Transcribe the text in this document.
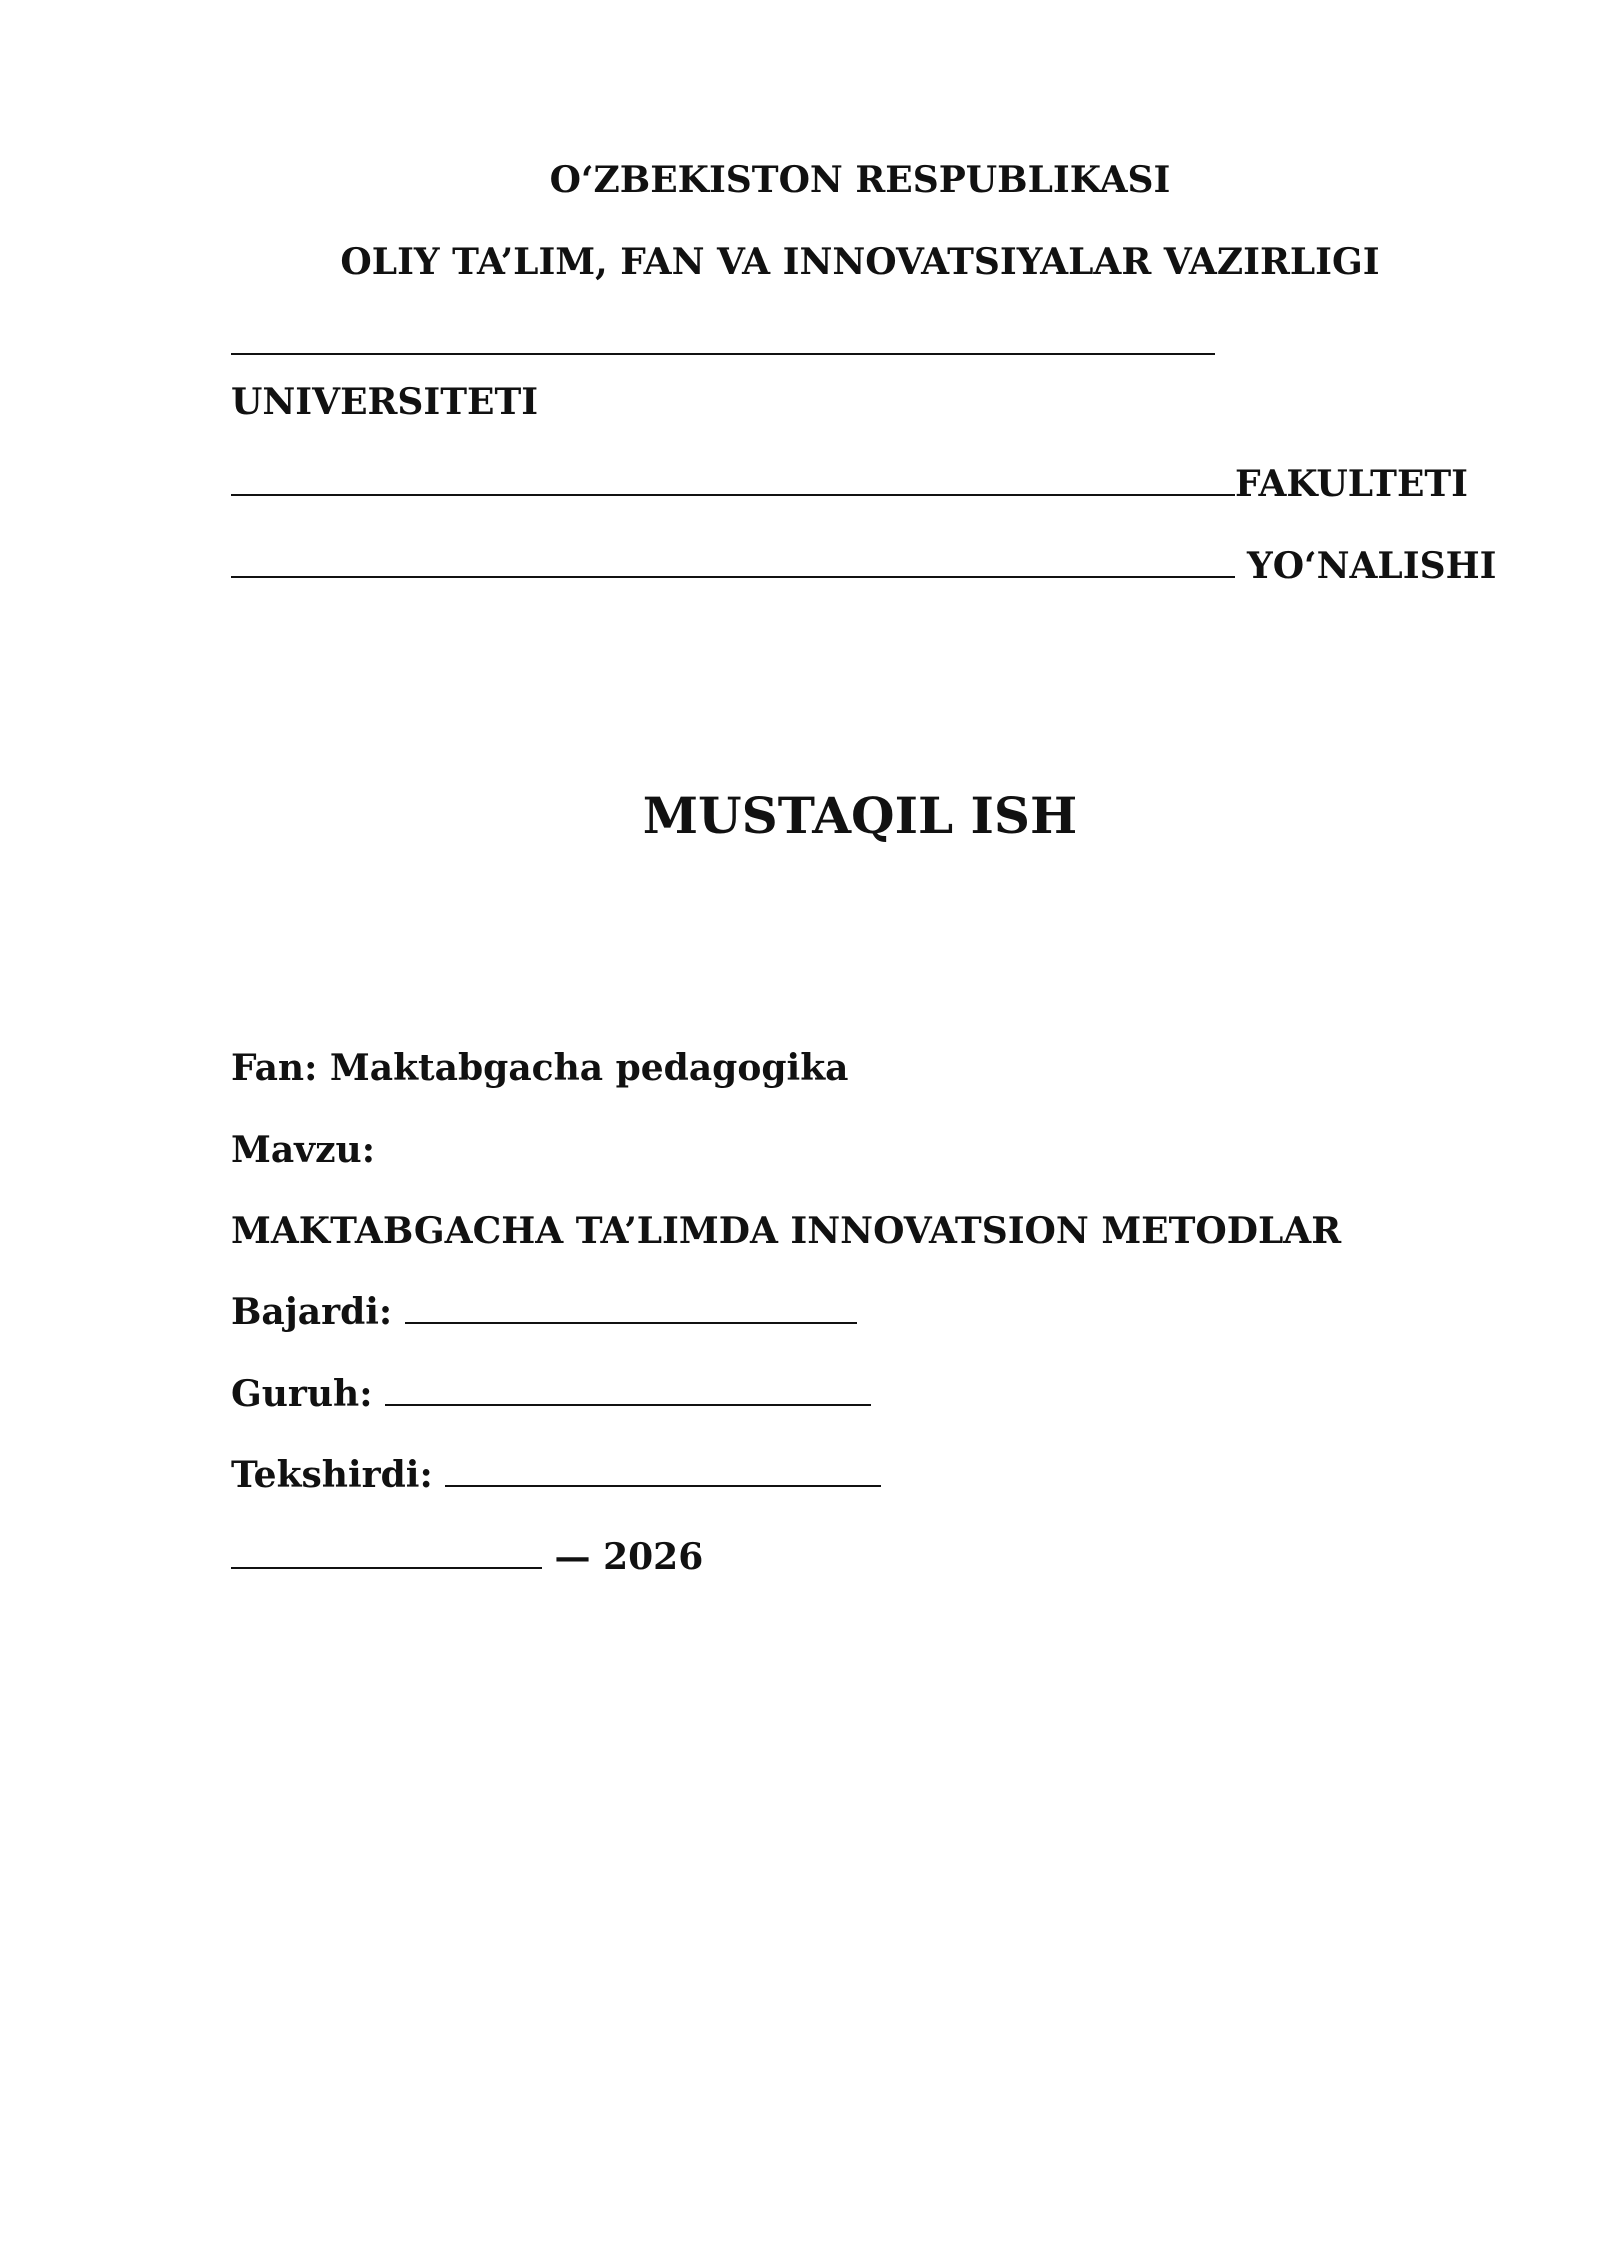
O‘ZBEKISTON RESPUBLIKASI
OLIY TA’LIM, FAN VA INNOVATSIYALAR VAZIRLIGI
UNIVERSITETI
FAKULTETI
YO‘NALISHI
MUSTAQIL ISH
Fan: Maktabgacha pedagogika
Mavzu:
MAKTABGACHA TA’LIMDA INNOVATSION METODLAR
Bajardi:
Guruh:
Tekshirdi:
— 2026
